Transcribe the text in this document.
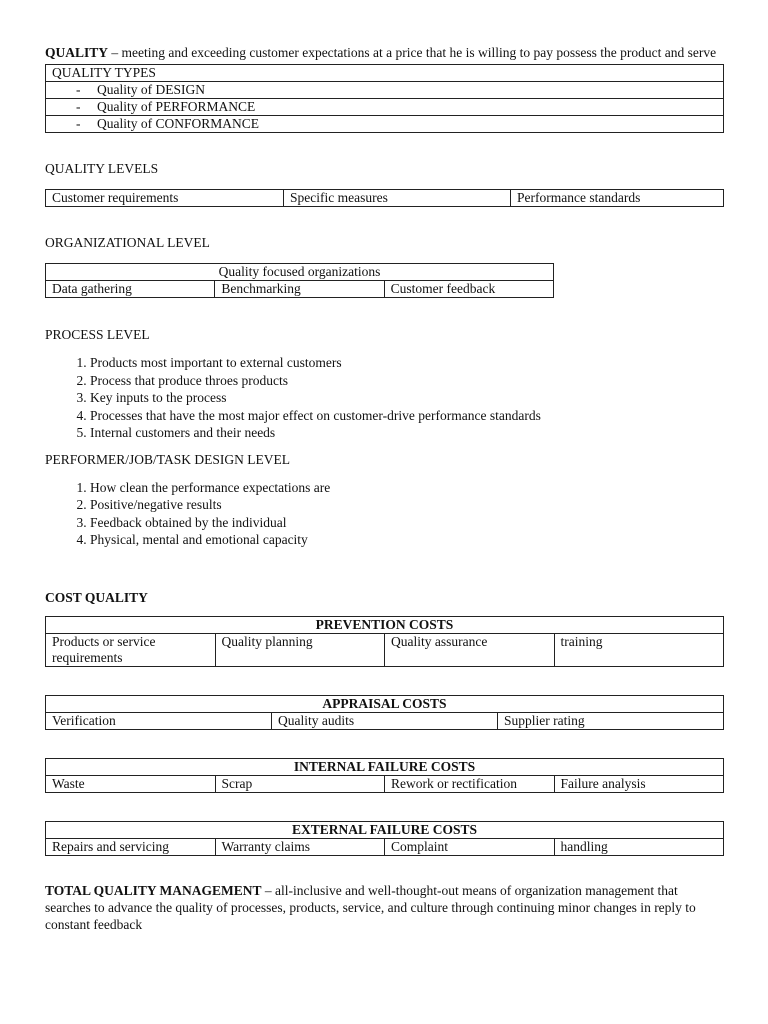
QUALITY – meeting and exceeding customer expectations at a price that he is willing to pay possess the product and serve

QUALITY TYPES

- Quality of DESIGN

- Quality of PERFORMANCE

- Quality of CONFORMANCE

QUALITY LEVELS

Customer requirements	Specific measures	Performance standards

ORGANIZATIONAL LEVEL

Quality focused organizations
Data gathering	Benchmarking	Customer feedback

PROCESS LEVEL

1. Products most important to external customers
2. Process that produce throes products
3. Key inputs to the process
4. Processes that have the most major effect on customer-drive performance standards
5. Internal customers and their needs

PERFORMER/JOB/TASK DESIGN LEVEL

1. How clean the performance expectations are
2. Positive/negative results
3. Feedback obtained by the individual
4. Physical, mental and emotional capacity

COST QUALITY

PREVENTION COSTS
Products or service requirements	Quality planning	Quality assurance	training
APPRAISAL COSTS
Verification	Quality audits	Supplier rating
INTERNAL FAILURE COSTS
Waste	Scrap	Rework or rectification	Failure analysis
EXTERNAL FAILURE COSTS
Repairs and servicing	Warranty claims	Complaint	handling

TOTAL QUALITY MANAGEMENT – all-inclusive and well-thought-out means of organization management that searches to advance the quality of processes, products, service, and culture through continuing minor changes in reply to constant feedback
